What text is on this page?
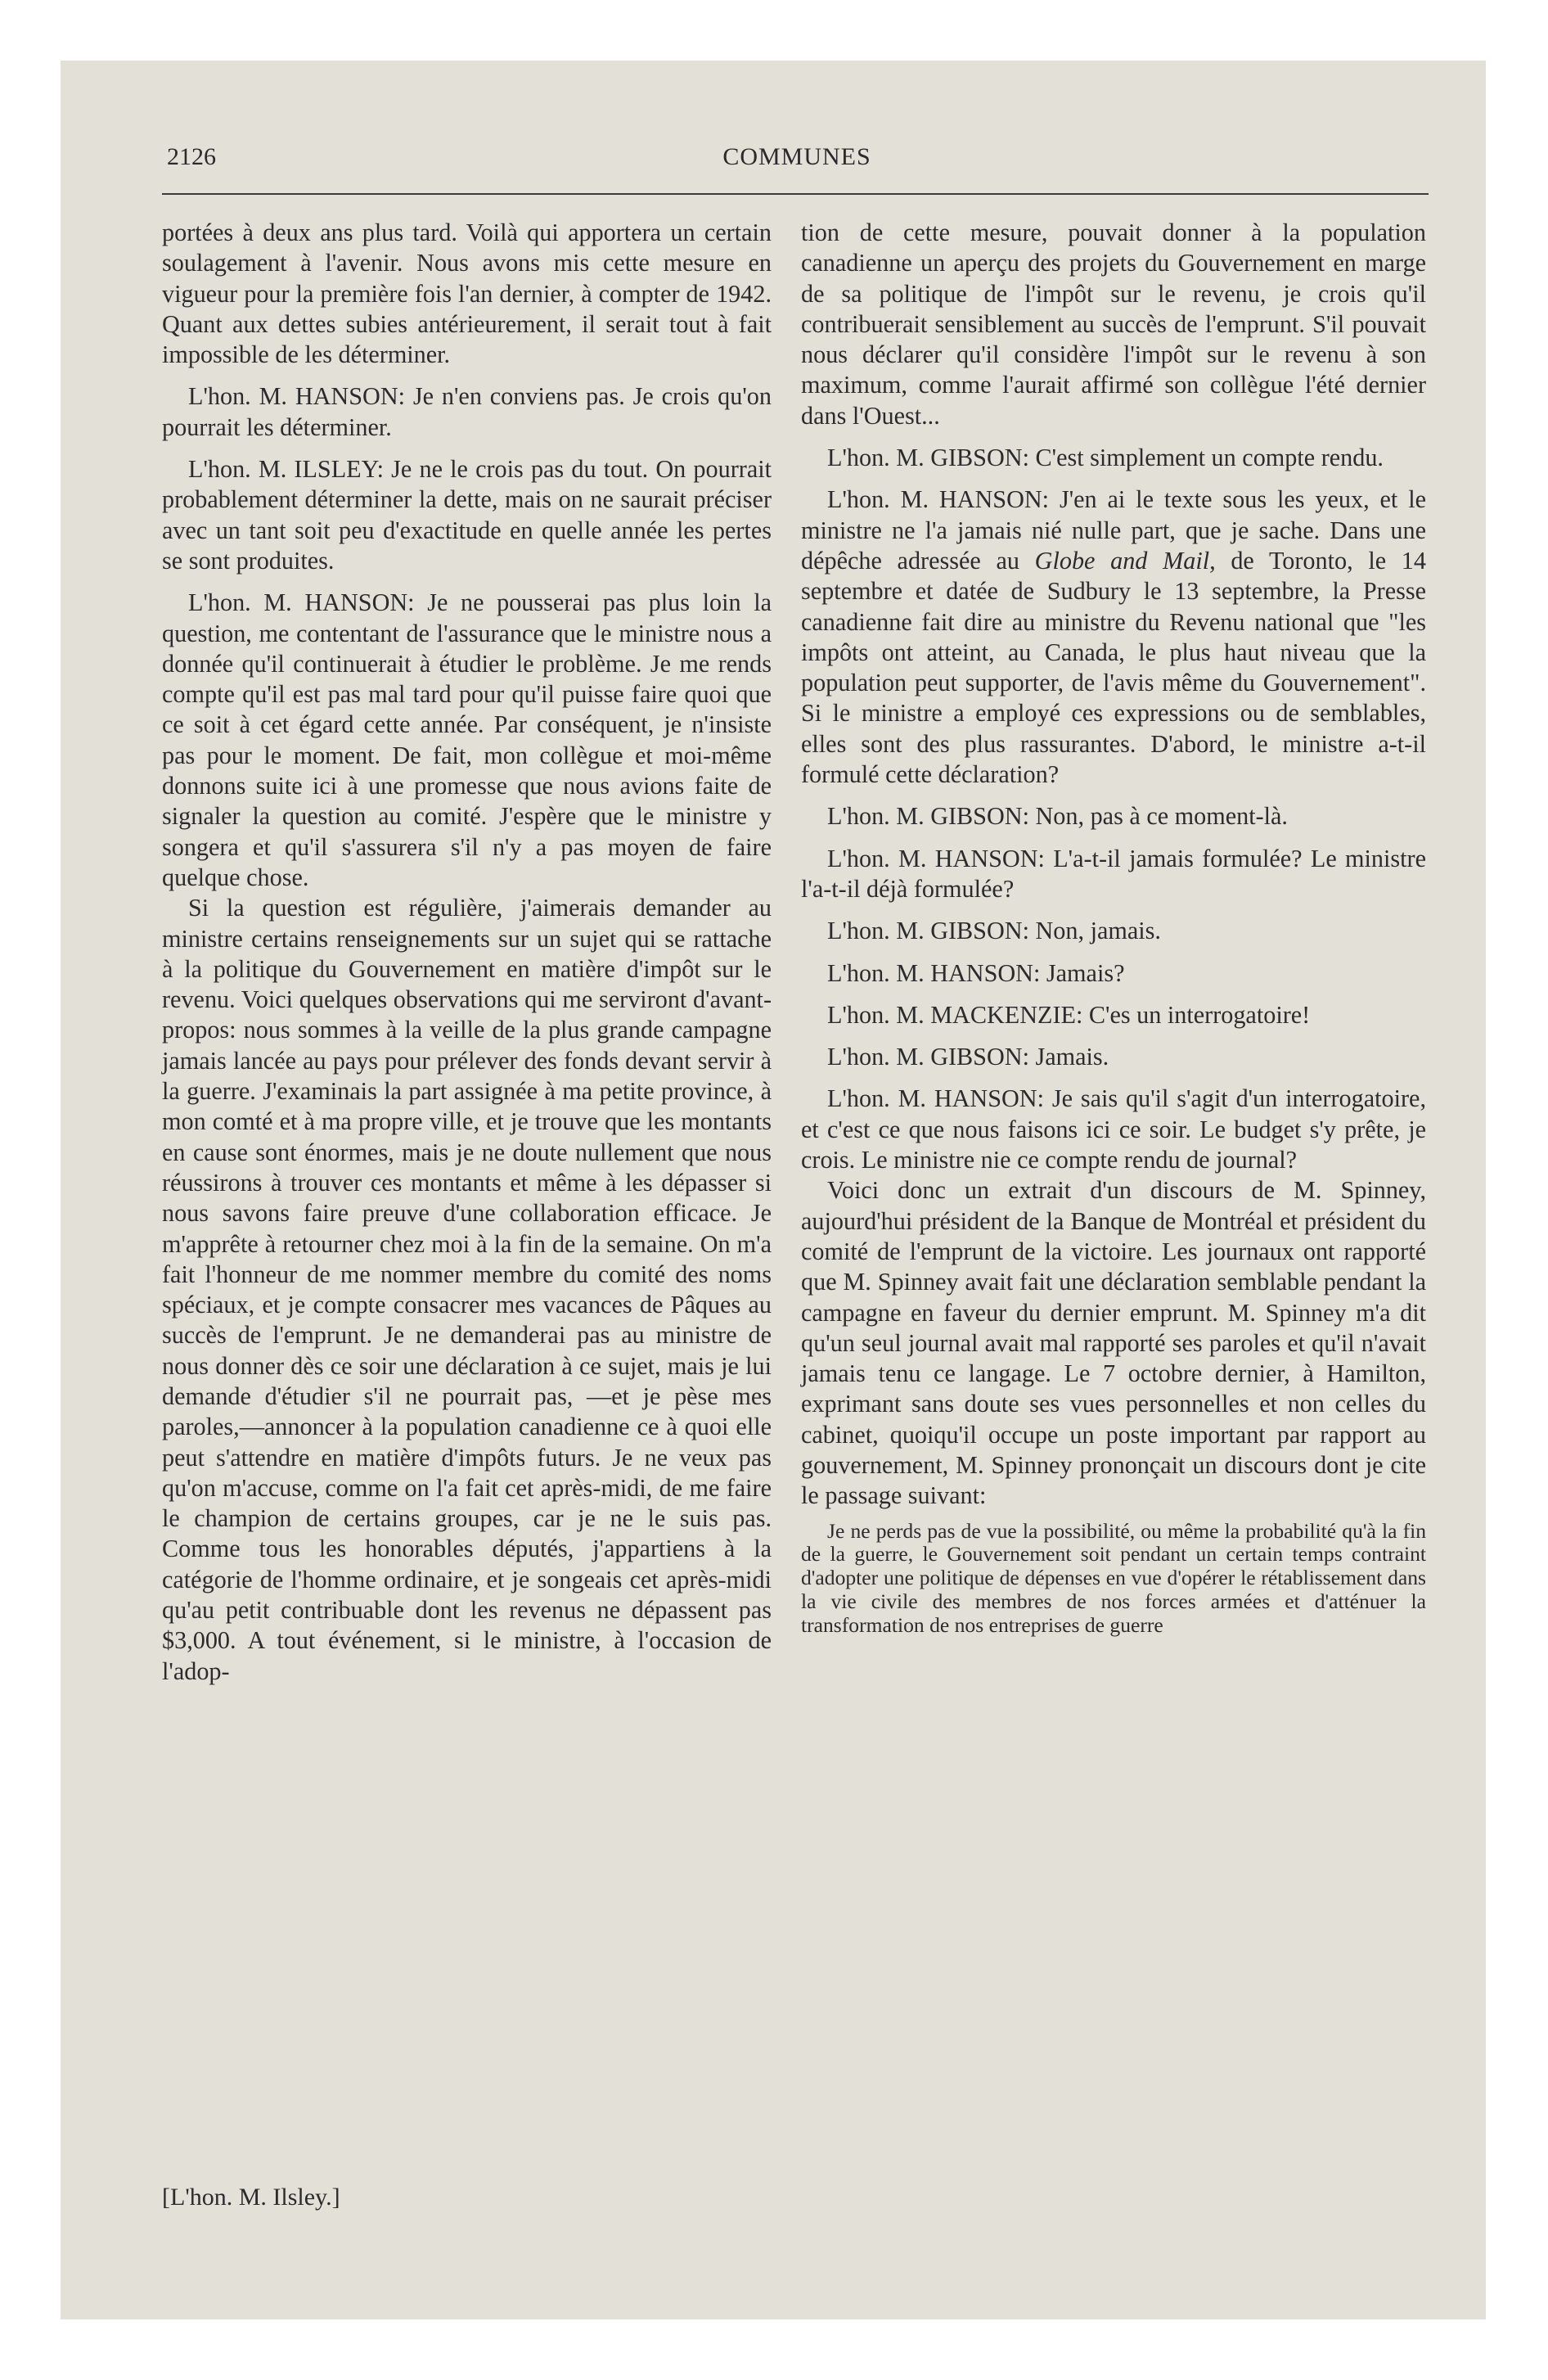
2126	COMMUNES

portées à deux ans plus tard. Voilà qui apportera un certain soulagement à l'avenir. Nous avons mis cette mesure en vigueur pour la première fois l'an dernier, à compter de 1942. Quant aux dettes subies antérieurement, il serait tout à fait impossible de les déterminer.

L'hon. M. HANSON: Je n'en conviens pas. Je crois qu'on pourrait les déterminer.

L'hon. M. ILSLEY: Je ne le crois pas du tout. On pourrait probablement déterminer la dette, mais on ne saurait préciser avec un tant soit peu d'exactitude en quelle année les pertes se sont produites.

L'hon. M. HANSON: Je ne pousserai pas plus loin la question, me contentant de l'assurance que le ministre nous a donnée qu'il continuerait à étudier le problème. Je me rends compte qu'il est pas mal tard pour qu'il puisse faire quoi que ce soit à cet égard cette année. Par conséquent, je n'insiste pas pour le moment. De fait, mon collègue et moi-même donnons suite ici à une promesse que nous avions faite de signaler la question au comité. J'espère que le ministre y songera et qu'il s'assurera s'il n'y a pas moyen de faire quelque chose.

Si la question est régulière, j'aimerais demander au ministre certains renseignements sur un sujet qui se rattache à la politique du Gouvernement en matière d'impôt sur le revenu. Voici quelques observations qui me serviront d'avant-propos: nous sommes à la veille de la plus grande campagne jamais lancée au pays pour prélever des fonds devant servir à la guerre. J'examinais la part assignée à ma petite province, à mon comté et à ma propre ville, et je trouve que les montants en cause sont énormes, mais je ne doute nullement que nous réussirons à trouver ces montants et même à les dépasser si nous savons faire preuve d'une collaboration efficace. Je m'apprête à retourner chez moi à la fin de la semaine. On m'a fait l'honneur de me nommer membre du comité des noms spéciaux, et je compte consacrer mes vacances de Pâques au succès de l'emprunt. Je ne demanderai pas au ministre de nous donner dès ce soir une déclaration à ce sujet, mais je lui demande d'étudier s'il ne pourrait pas, —et je pèse mes paroles,—annoncer à la population canadienne ce à quoi elle peut s'attendre en matière d'impôts futurs. Je ne veux pas qu'on m'accuse, comme on l'a fait cet après-midi, de me faire le champion de certains groupes, car je ne le suis pas. Comme tous les honorables députés, j'appartiens à la catégorie de l'homme ordinaire, et je songeais cet après-midi qu'au petit contribuable dont les revenus ne dépassent pas $3,000. A tout événement, si le ministre, à l'occasion de l'adop-

tion de cette mesure, pouvait donner à la population canadienne un aperçu des projets du Gouvernement en marge de sa politique de l'impôt sur le revenu, je crois qu'il contribuerait sensiblement au succès de l'emprunt. S'il pouvait nous déclarer qu'il considère l'impôt sur le revenu à son maximum, comme l'aurait affirmé son collègue l'été dernier dans l'Ouest...

L'hon. M. GIBSON: C'est simplement un compte rendu.

L'hon. M. HANSON: J'en ai le texte sous les yeux, et le ministre ne l'a jamais nié nulle part, que je sache. Dans une dépêche adressée au Globe and Mail, de Toronto, le 14 septembre et datée de Sudbury le 13 septembre, la Presse canadienne fait dire au ministre du Revenu national que "les impôts ont atteint, au Canada, le plus haut niveau que la population peut supporter, de l'avis même du Gouvernement". Si le ministre a employé ces expressions ou de semblables, elles sont des plus rassurantes. D'abord, le ministre a-t-il formulé cette déclaration?

L'hon. M. GIBSON: Non, pas à ce moment-là.

L'hon. M. HANSON: L'a-t-il jamais formulée? Le ministre l'a-t-il déjà formulée?

L'hon. M. GIBSON: Non, jamais.

L'hon. M. HANSON: Jamais?

L'hon. M. MACKENZIE: C'es un interrogatoire!

L'hon. M. GIBSON: Jamais.

L'hon. M. HANSON: Je sais qu'il s'agit d'un interrogatoire, et c'est ce que nous faisons ici ce soir. Le budget s'y prête, je crois. Le ministre nie ce compte rendu de journal?

Voici donc un extrait d'un discours de M. Spinney, aujourd'hui président de la Banque de Montréal et président du comité de l'emprunt de la victoire. Les journaux ont rapporté que M. Spinney avait fait une déclaration semblable pendant la campagne en faveur du dernier emprunt. M. Spinney m'a dit qu'un seul journal avait mal rapporté ses paroles et qu'il n'avait jamais tenu ce langage. Le 7 octobre dernier, à Hamilton, exprimant sans doute ses vues personnelles et non celles du cabinet, quoiqu'il occupe un poste important par rapport au gouvernement, M. Spinney prononçait un discours dont je cite le passage suivant:

Je ne perds pas de vue la possibilité, ou même la probabilité qu'à la fin de la guerre, le Gouvernement soit pendant un certain temps contraint d'adopter une politique de dépenses en vue d'opérer le rétablissement dans la vie civile des membres de nos forces armées et d'atténuer la transformation de nos entreprises de guerre

[L'hon. M. Ilsley.]
